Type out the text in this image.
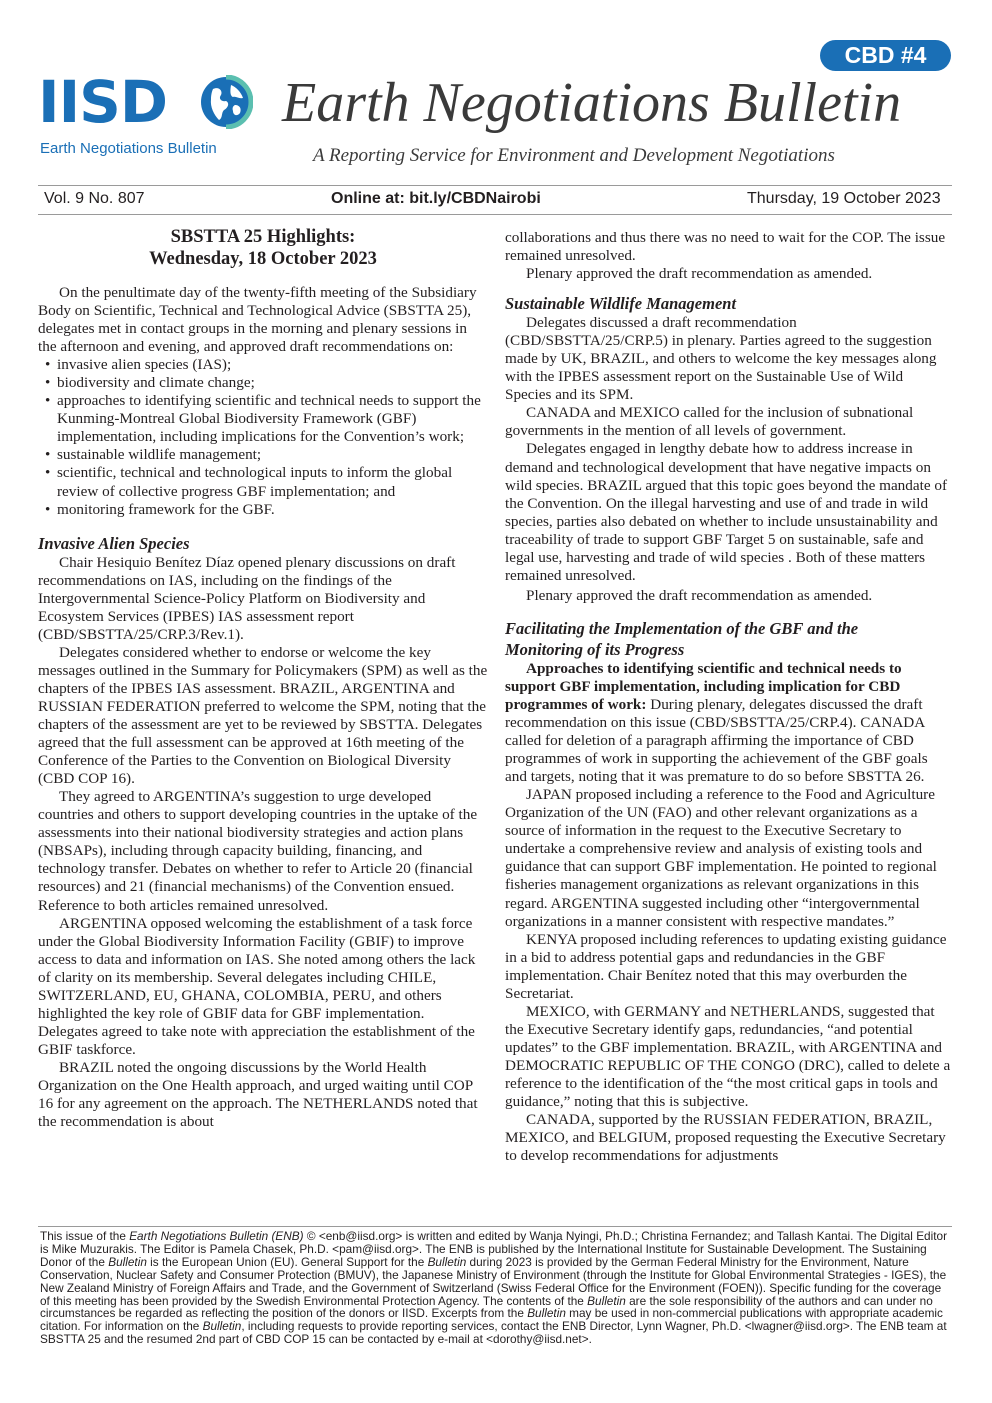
CBD #4
IISD
Earth Negotiations Bulletin
Earth Negotiations Bulletin
A Reporting Service for Environment and Development Negotiations
Vol. 9 No. 807	Online at: bit.ly/CBDNairobi	Thursday, 19 October 2023
SBSTTA 25 Highlights:
Wednesday, 18 October 2023

On the penultimate day of the twenty-fifth meeting of the Subsidiary Body on Scientific, Technical and Technological Advice (SBSTTA 25), delegates met in contact groups in the morning and plenary sessions in the afternoon and evening, and approved draft recommendations on:

• invasive alien species (IAS);
• biodiversity and climate change;
• approaches to identifying scientific and technical needs to support the Kunming-Montreal Global Biodiversity Framework (GBF) implementation, including implications for the Convention’s work;
• sustainable wildlife management;
• scientific, technical and technological inputs to inform the global review of collective progress GBF implementation; and
• monitoring framework for the GBF.
Invasive Alien Species

Chair Hesiquio Benítez Díaz opened plenary discussions on draft recommendations on IAS, including on the findings of the Intergovernmental Science-Policy Platform on Biodiversity and Ecosystem Services (IPBES) IAS assessment report (CBD/SBSTTA/25/CRP.3/Rev.1).

Delegates considered whether to endorse or welcome the key messages outlined in the Summary for Policymakers (SPM) as well as the chapters of the IPBES IAS assessment. BRAZIL, ARGENTINA and RUSSIAN FEDERATION preferred to welcome the SPM, noting that the chapters of the assessment are yet to be reviewed by SBSTTA. Delegates agreed that the full assessment can be approved at 16th meeting of the Conference of the Parties to the Convention on Biological Diversity (CBD COP 16).

They agreed to ARGENTINA’s suggestion to urge developed countries and others to support developing countries in the uptake of the assessments into their national biodiversity strategies and action plans (NBSAPs), including through capacity building, financing, and technology transfer. Debates on whether to refer to Article 20 (financial resources) and 21 (financial mechanisms) of the Convention ensued. Reference to both articles remained unresolved.

ARGENTINA opposed welcoming the establishment of a task force under the Global Biodiversity Information Facility (GBIF) to improve access to data and information on IAS. She noted among others the lack of clarity on its membership. Several delegates including CHILE, SWITZERLAND, EU, GHANA, COLOMBIA, PERU, and others highlighted the key role of GBIF data for GBF implementation. Delegates agreed to take note with appreciation the establishment of the GBIF taskforce.

BRAZIL noted the ongoing discussions by the World Health Organization on the One Health approach, and urged waiting until COP 16 for any agreement on the approach. The NETHERLANDS noted that the recommendation is about

collaborations and thus there was no need to wait for the COP. The issue remained unresolved.

Plenary approved the draft recommendation as amended.

Sustainable Wildlife Management

Delegates discussed a draft recommendation (CBD/SBSTTA/25/CRP.5) in plenary. Parties agreed to the suggestion made by UK, BRAZIL, and others to welcome the key messages along with the IPBES assessment report on the Sustainable Use of Wild Species and its SPM.

CANADA and MEXICO called for the inclusion of subnational governments in the mention of all levels of government.

Delegates engaged in lengthy debate how to address increase in demand and technological development that have negative impacts on wild species. BRAZIL argued that this topic goes beyond the mandate of the Convention. On the illegal harvesting and use of and trade in wild species, parties also debated on whether to include unsustainability and traceability of trade to support GBF Target 5 on sustainable, safe and legal use, harvesting and trade of wild species . Both of these matters remained unresolved.

Plenary approved the draft recommendation as amended.

Facilitating the Implementation of the GBF and the
Monitoring of its Progress

Approaches to identifying scientific and technical needs to support GBF implementation, including implication for CBD programmes of work: During plenary, delegates discussed the draft recommendation on this issue (CBD/SBSTTA/25/CRP.4). CANADA called for deletion of a paragraph affirming the importance of CBD programmes of work in supporting the achievement of the GBF goals and targets, noting that it was premature to do so before SBSTTA 26.

JAPAN proposed including a reference to the Food and Agriculture Organization of the UN (FAO) and other relevant organizations as a source of information in the request to the Executive Secretary to undertake a comprehensive review and analysis of existing tools and guidance that can support GBF implementation. He pointed to regional fisheries management organizations as relevant organizations in this regard. ARGENTINA suggested including other “intergovernmental organizations in a manner consistent with respective mandates.”

KENYA proposed including references to updating existing guidance in a bid to address potential gaps and redundancies in the GBF implementation. Chair Benítez noted that this may overburden the Secretariat.

MEXICO, with GERMANY and NETHERLANDS, suggested that the Executive Secretary identify gaps, redundancies, “and potential updates” to the GBF implementation. BRAZIL, with ARGENTINA and DEMOCRATIC REPUBLIC OF THE CONGO (DRC), called to delete a reference to the identification of the “the most critical gaps in tools and guidance,” noting that this is subjective.

CANADA, supported by the RUSSIAN FEDERATION, BRAZIL, MEXICO, and BELGIUM, proposed requesting the Executive Secretary to develop recommendations for adjustments

This issue of the Earth Negotiations Bulletin (ENB) © <enb@iisd.org> is written and edited by Wanja Nyingi, Ph.D.; Christina Fernandez; and Tallash Kantai. The Digital Editor is Mike Muzurakis. The Editor is Pamela Chasek, Ph.D. <pam@iisd.org>. The ENB is published by the International Institute for Sustainable Development. The Sustaining Donor of the Bulletin is the European Union (EU). General Support for the Bulletin during 2023 is provided by the German Federal Ministry for the Environment, Nature Conservation, Nuclear Safety and Consumer Protection (BMUV), the Japanese Ministry of Environment (through the Institute for Global Environmental Strategies - IGES), the New Zealand Ministry of Foreign Affairs and Trade, and the Government of Switzerland (Swiss Federal Office for the Environment (FOEN)). Specific funding for the coverage of this meeting has been provided by the Swedish Environmental Protection Agency. The contents of the Bulletin are the sole responsibility of the authors and can under no circumstances be regarded as reflecting the position of the donors or IISD. Excerpts from the Bulletin may be used in non-commercial publications with appropriate academic citation. For information on the Bulletin, including requests to provide reporting services, contact the ENB Director, Lynn Wagner, Ph.D. <lwagner@iisd.org>. The ENB team at SBSTTA 25 and the resumed 2nd part of CBD COP 15 can be contacted by e-mail at <dorothy@iisd.net>.
